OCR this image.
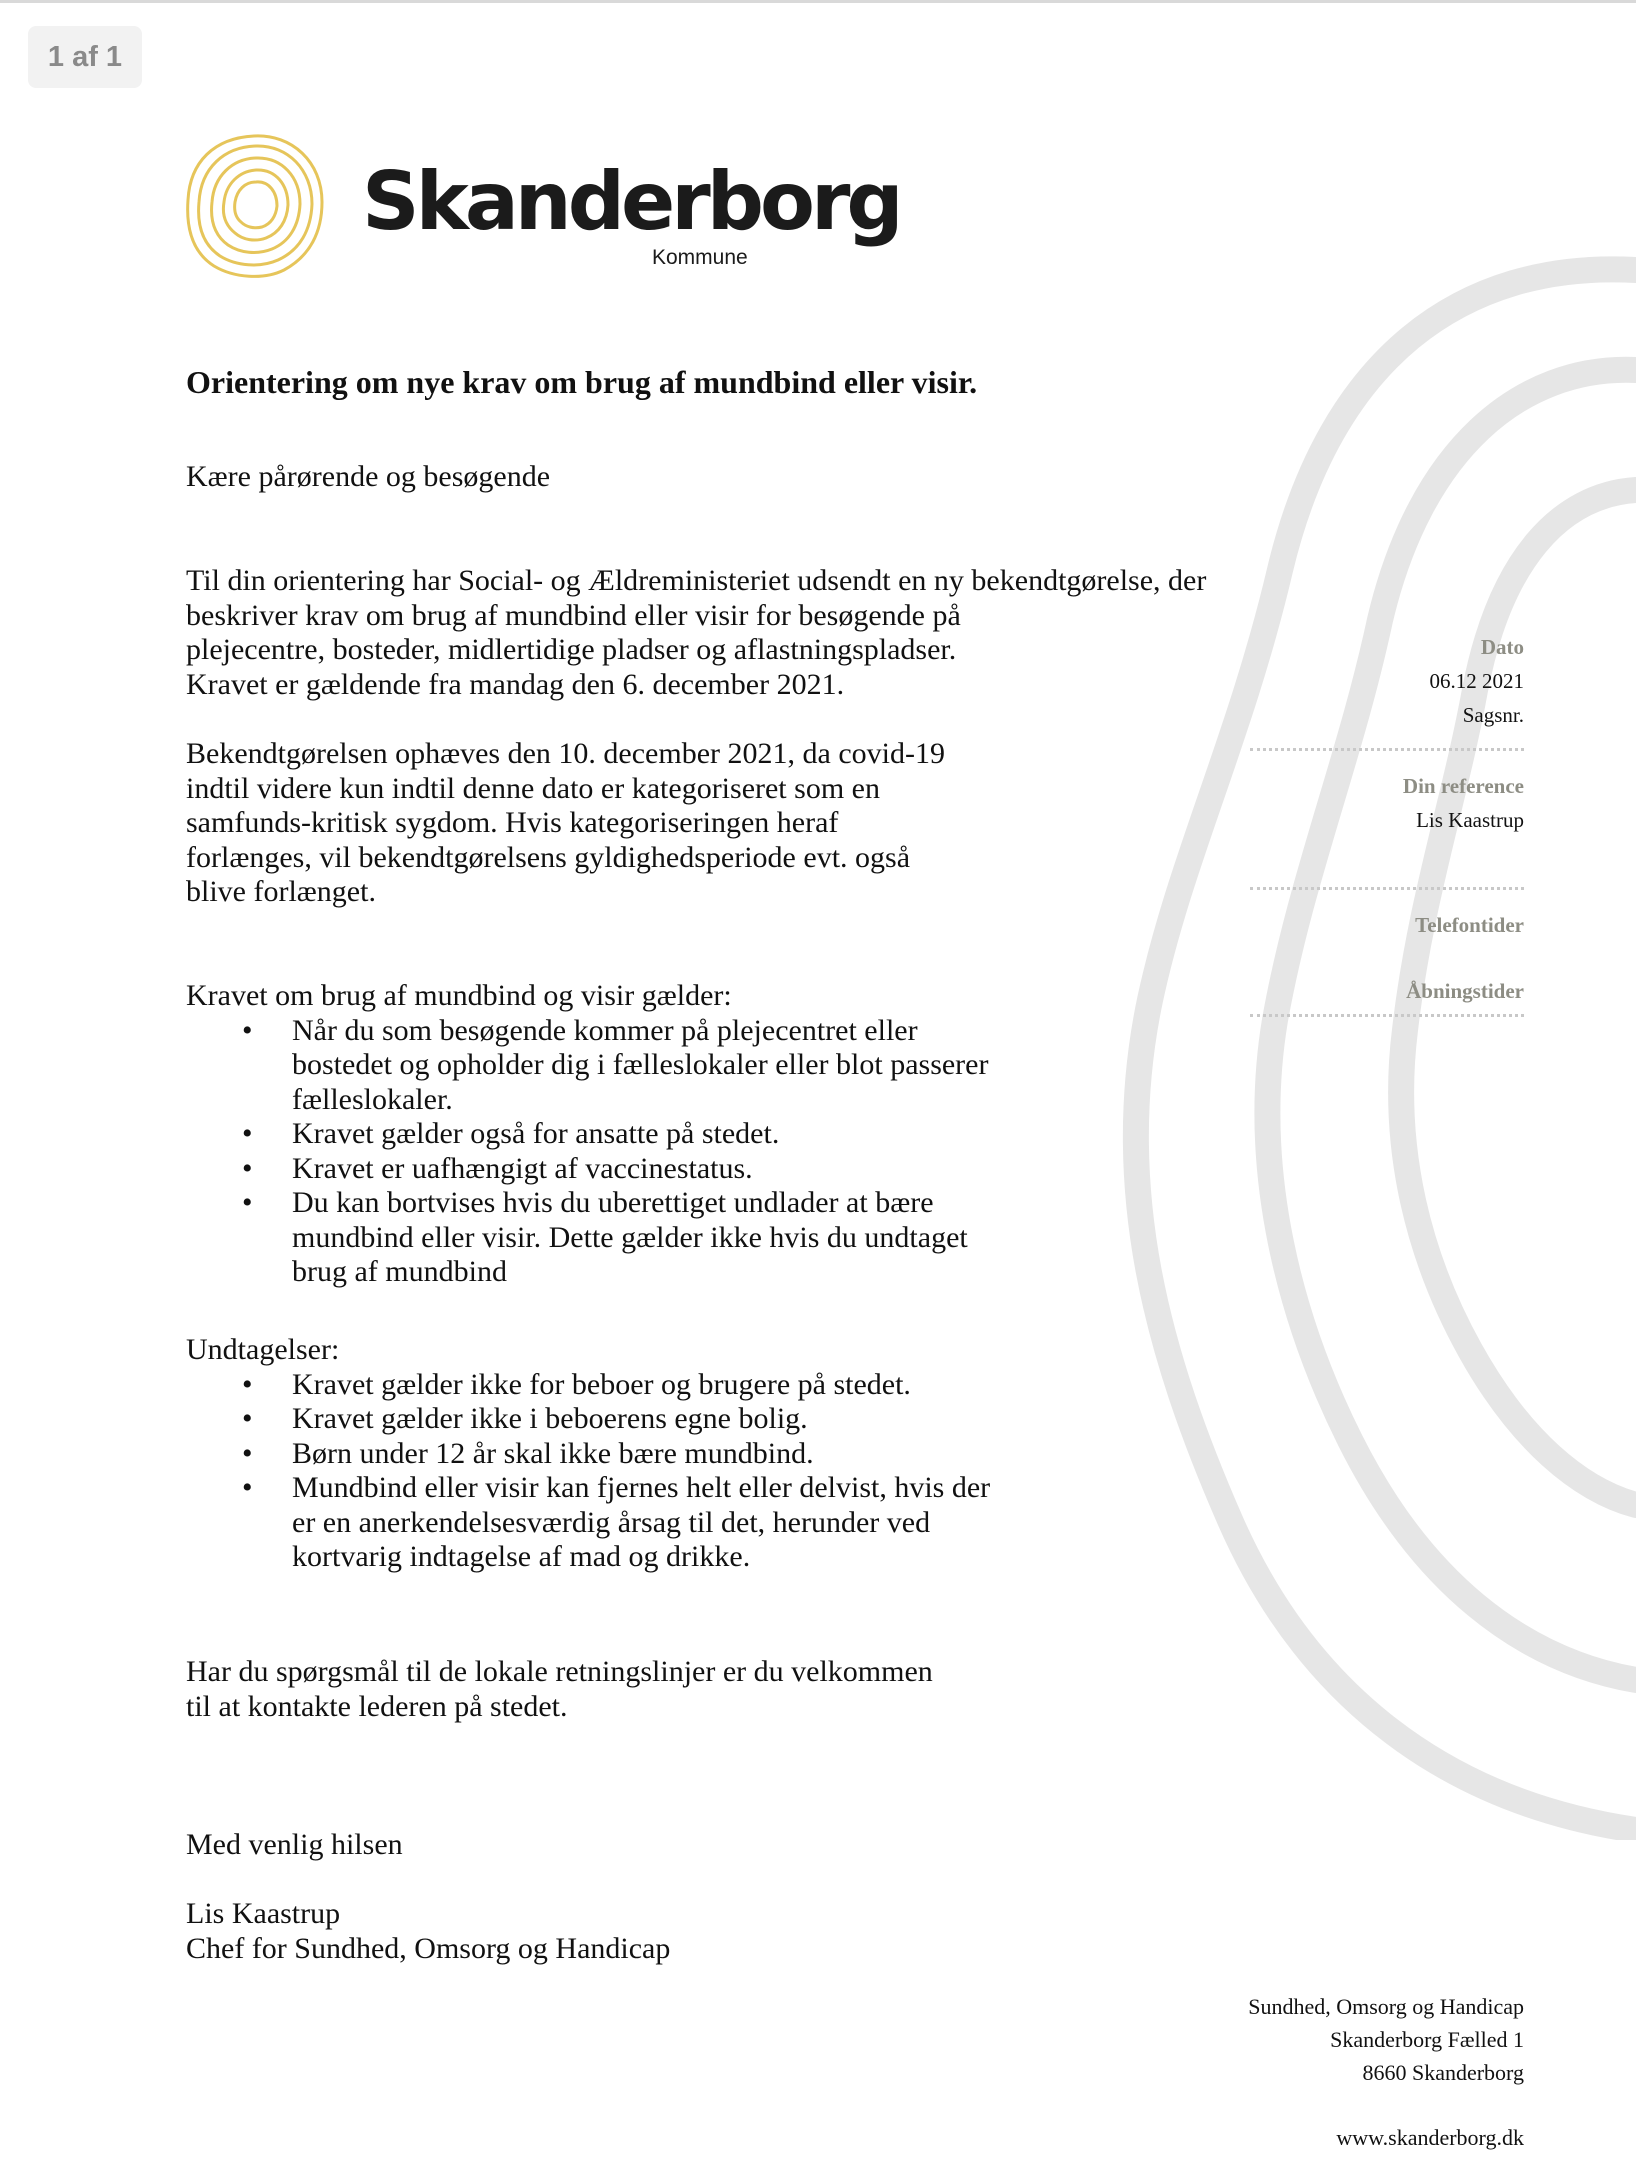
1 af 1
Skanderborg
Kommune
Orientering om nye krav om brug af mundbind eller visir.
Kære pårørende og besøgende

Til din orientering har Social- og Ældreministeriet udsendt en ny bekendtgørelse, der

beskriver krav om brug af mundbind eller visir for besøgende på

plejecentre, bosteder, midlertidige pladser og aflastningspladser.

Kravet er gældende fra mandag den 6. december 2021.

Bekendtgørelsen ophæves den 10. december 2021, da covid-19

indtil videre kun indtil denne dato er kategoriseret som en

samfunds-kritisk sygdom. Hvis kategoriseringen heraf

forlænges, vil bekendtgørelsens gyldighedsperiode evt. også

blive forlænget.

Kravet om brug af mundbind og visir gælder:

• Når du som besøgende kommer på plejecentret eller bostedet og opholder dig i fælleslokaler eller blot passerer fælleslokaler.
• Kravet gælder også for ansatte på stedet.
• Kravet er uafhængigt af vaccinestatus.
• Du kan bortvises hvis du uberettiget undlader at bære mundbind eller visir. Dette gælder ikke hvis du undtaget brug af mundbind

Undtagelser:

• Kravet gælder ikke for beboer og brugere på stedet.
• Kravet gælder ikke i beboerens egne bolig.
• Børn under 12 år skal ikke bære mundbind.
• Mundbind eller visir kan fjernes helt eller delvist, hvis der er en anerkendelsesværdig årsag til det, herunder ved kortvarig indtagelse af mad og drikke.

Har du spørgsmål til de lokale retningslinjer er du velkommen

til at kontakte lederen på stedet.

Med venlig hilsen

Lis Kaastrup

Chef for Sundhed, Omsorg og Handicap

Dato
06.12 2021
Sagsnr.
Din reference
Lis Kaastrup
Telefontider
Åbningstider
Sundhed, Omsorg og Handicap
Skanderborg Fælled 1
8660 Skanderborg
www.skanderborg.dk
